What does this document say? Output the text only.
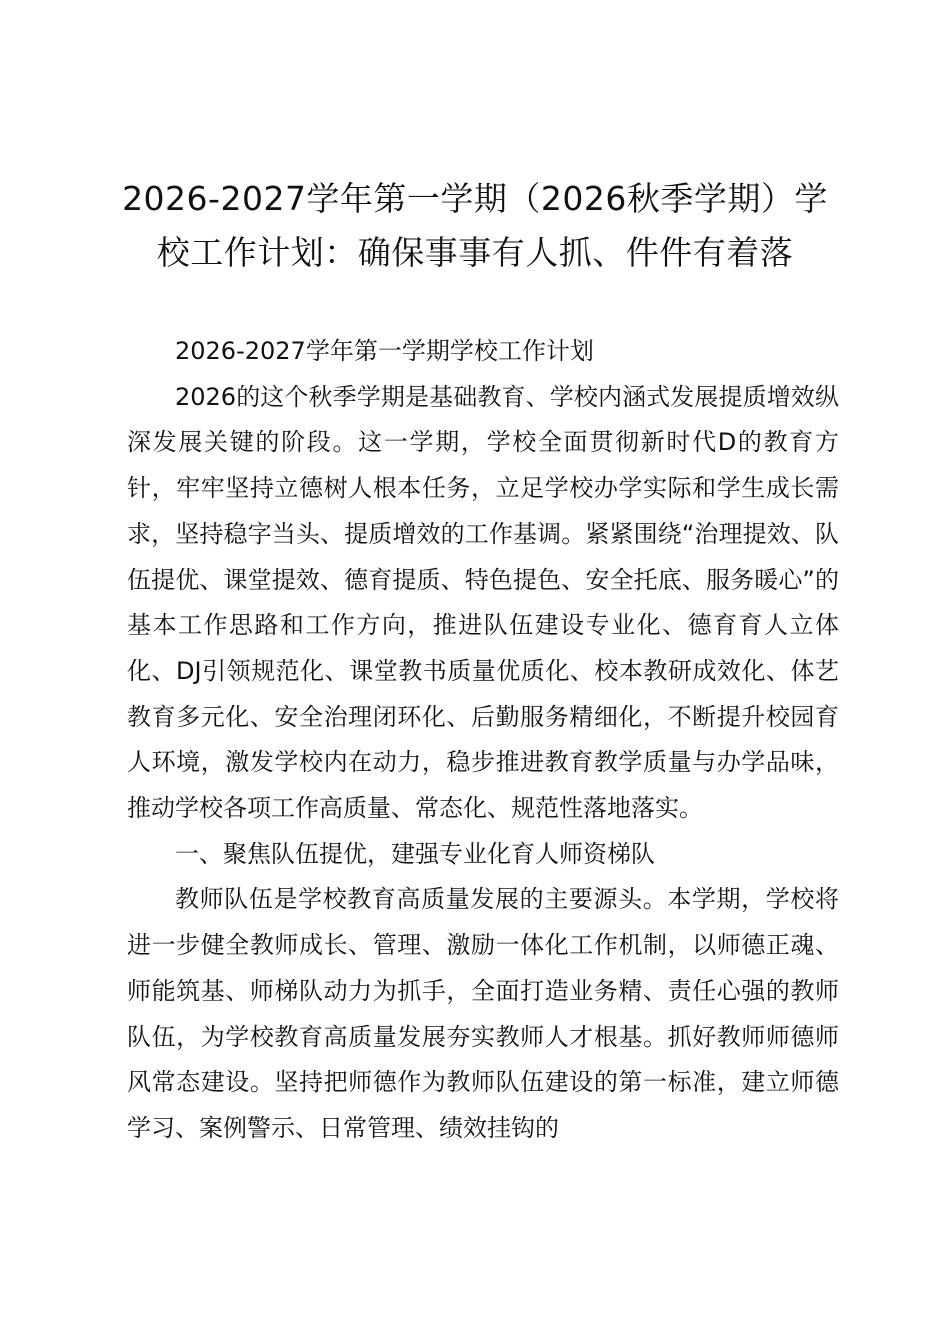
2026-2027学年第一学期（2026秋季学期）学校工作计划：确保事事有人抓、件件有着落

2026-2027学年第一学期学校工作计划

2026的这个秋季学期是基础教育、学校内涵式发展提质增效纵深发展关键的阶段。这一学期，学校全面贯彻新时代D的教育方针，牢牢坚持立德树人根本任务，立足学校办学实际和学生成长需求，坚持稳字当头、提质增效的工作基调。紧紧围绕“治理提效、队伍提优、课堂提效、德育提质、特色提色、安全托底、服务暖心”的基本工作思路和工作方向，推进队伍建设专业化、德育育人立体化、DJ引领规范化、课堂教书质量优质化、校本教研成效化、体艺教育多元化、安全治理闭环化、后勤服务精细化，不断提升校园育人环境，激发学校内在动力，稳步推进教育教学质量与办学品味，推动学校各项工作高质量、常态化、规范性落地落实。

一、聚焦队伍提优，建强专业化育人师资梯队

教师队伍是学校教育高质量发展的主要源头。本学期，学校将进一步健全教师成长、管理、激励一体化工作机制，以师德正魂、师能筑基、师梯队动力为抓手，全面打造业务精、责任心强的教师队伍，为学校教育高质量发展夯实教师人才根基。抓好教师师德师风常态建设。坚持把师德作为教师队伍建设的第一标准，建立师德学习、案例警示、日常管理、绩效挂钩的
